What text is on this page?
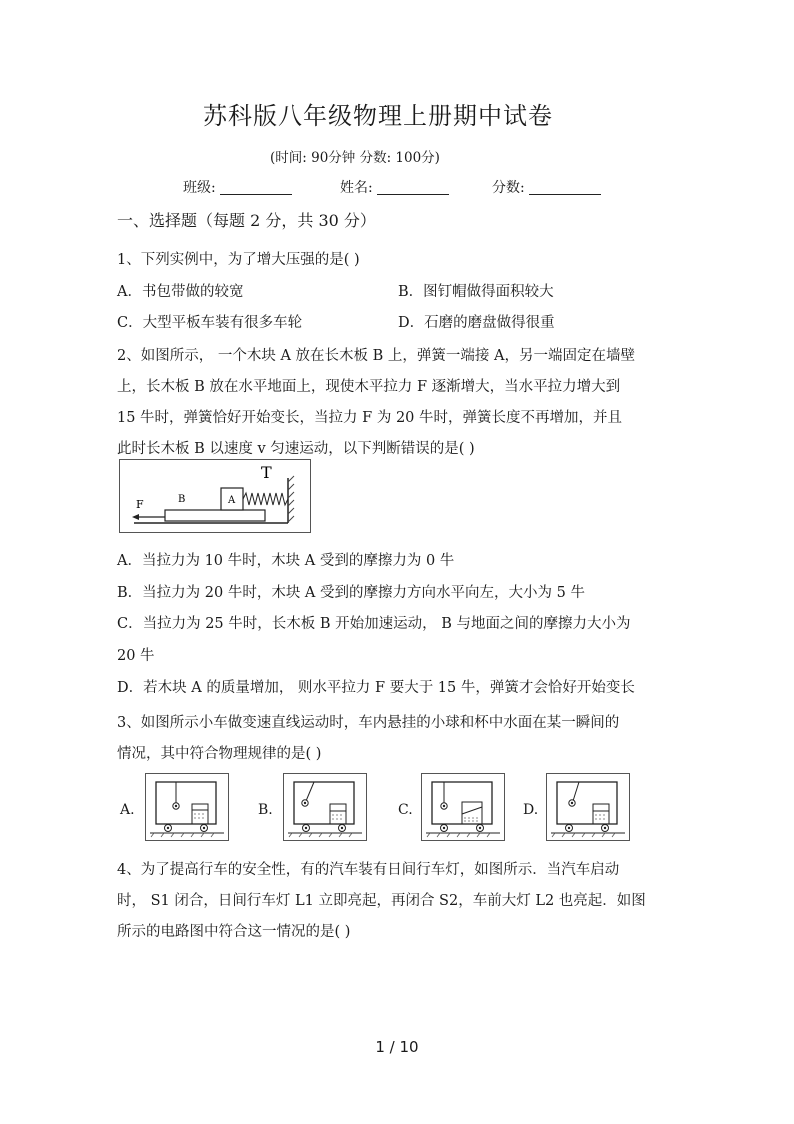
苏科版八年级物理上册期中试卷
(时间: 90分钟 分数: 100分)
班级:	姓名:	分数:
一、选择题（每题 2 分，共 30 分）
1、下列实例中，为了增大压强的是( )
A．书包带做的较宽	B．图钉帽做得面积较大
C．大型平板车装有很多车轮	D．石磨的磨盘做得很重
2、如图所示， 一个木块 A 放在长木板 B 上，弹簧一端接 A，另一端固定在墙壁
上，长木板 B 放在水平地面上，现使木平拉力 F 逐渐增大，当水平拉力增大到
15 牛时，弹簧恰好开始变长，当拉力 F 为 20 牛时，弹簧长度不再增加，并且
此时长木板 B 以速度 v 匀速运动，以下判断错误的是( )
T
F	B	A
A．当拉力为 10 牛时，木块 A 受到的摩擦力为 0 牛
B．当拉力为 20 牛时，木块 A 受到的摩擦力方向水平向左，大小为 5 牛
C．当拉力为 25 牛时，长木板 B 开始加速运动， B 与地面之间的摩擦力大小为
20 牛
D．若木块 A 的质量增加， 则水平拉力 F 要大于 15 牛，弹簧才会恰好开始变长
3、如图所示小车做变速直线运动时，车内悬挂的小球和杯中水面在某一瞬间的
情况，其中符合物理规律的是( )
A.	B.	C.	D.
4、为了提高行车的安全性，有的汽车装有日间行车灯，如图所示．当汽车启动
时， S1 闭合，日间行车灯 L1 立即亮起，再闭合 S2，车前大灯 L2 也亮起．如图
所示的电路图中符合这一情况的是( )
1 / 10
